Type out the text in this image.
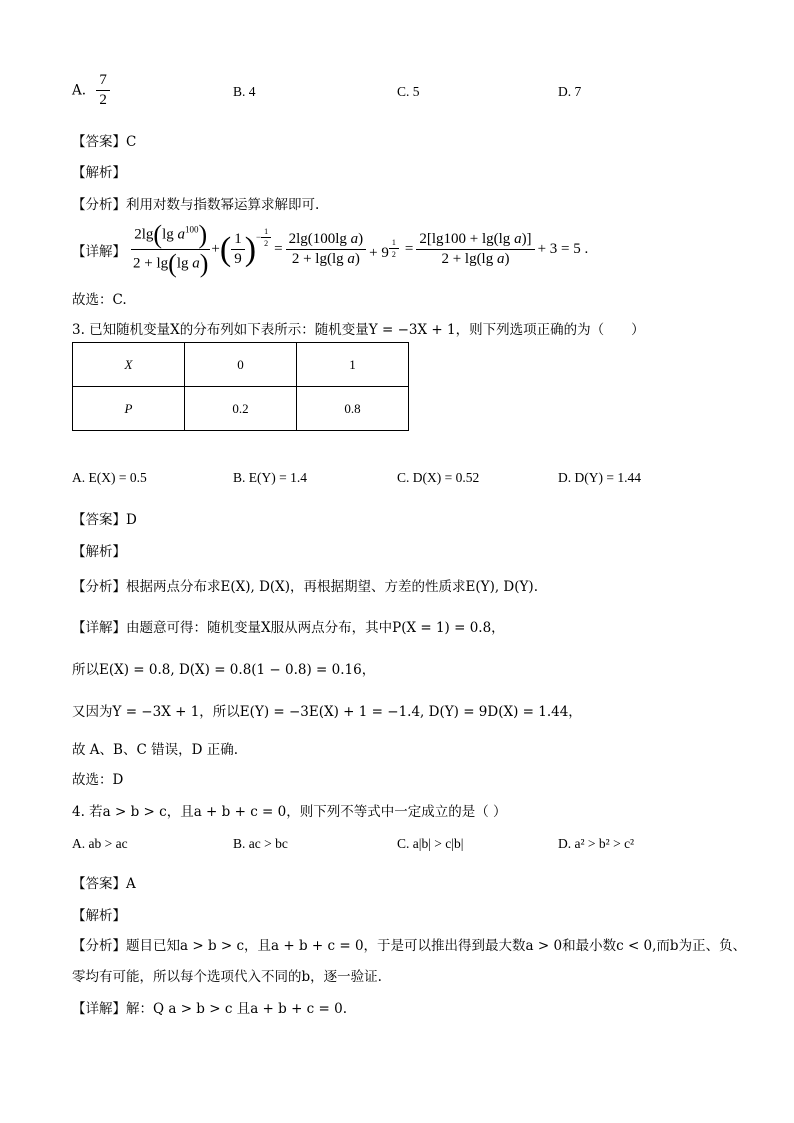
A. $\frac{7}{2}$	B. 4	C. 5	D. 7
【答案】C
【解析】
【分析】利用对数与指数幂运算求解即可.
【详解】 $\frac{2\lg(\lg a^{100})}{\text{2 + lg(lg a)}}$ + ( $\frac{1}{9} )^{- \frac{1}{2}}$
= $\frac{\text{2lg(100lg a)}}{\text{2 + lg(lg a)}} + 9$ $^{\frac{1}{2}} = \frac{\text{2[lg100 + lg(lg a)]}}{\text{2 + lg(lg a)}} + 3 = 5$ .
故选：C.
3. 已知随机变量X的分布列如下表所示：随机变量Y = −3X + 1，则下列选项正确的为（　　）
X	0	1
P	0.2	0.8
A. E(X) = 0.5	B. E(Y) = 1.4	C. D(X) = 0.52	D. D(Y) = 1.44
【答案】D
【解析】
【分析】根据两点分布求E(X), D(X)，再根据期望、方差的性质求E(Y), D(Y).
【详解】由题意可得：随机变量X服从两点分布，其中P(X = 1) = 0.8，
所以E(X) = 0.8, D(X) = 0.8(1 − 0.8) = 0.16，
又因为Y = −3X + 1，所以E(Y) = −3E(X) + 1 = −1.4, D(Y) = 9D(X) = 1.44，
故 A、B、C 错误，D 正确.
故选：D
4. 若a > b > c，且a + b + c = 0，则下列不等式中一定成立的是（ ）
A. ab > ac	B. ac > bc	C. a|b| > c|b|	D. a² > b² > c²
【答案】A
【解析】
【分析】题目已知a > b > c，且a + b + c = 0，于是可以推出得到最大数a > 0和最小数c < 0,而b为正、负、
零均有可能，所以每个选项代入不同的b，逐一验证.
【详解】解：Q a > b > c 且a + b + c = 0.
